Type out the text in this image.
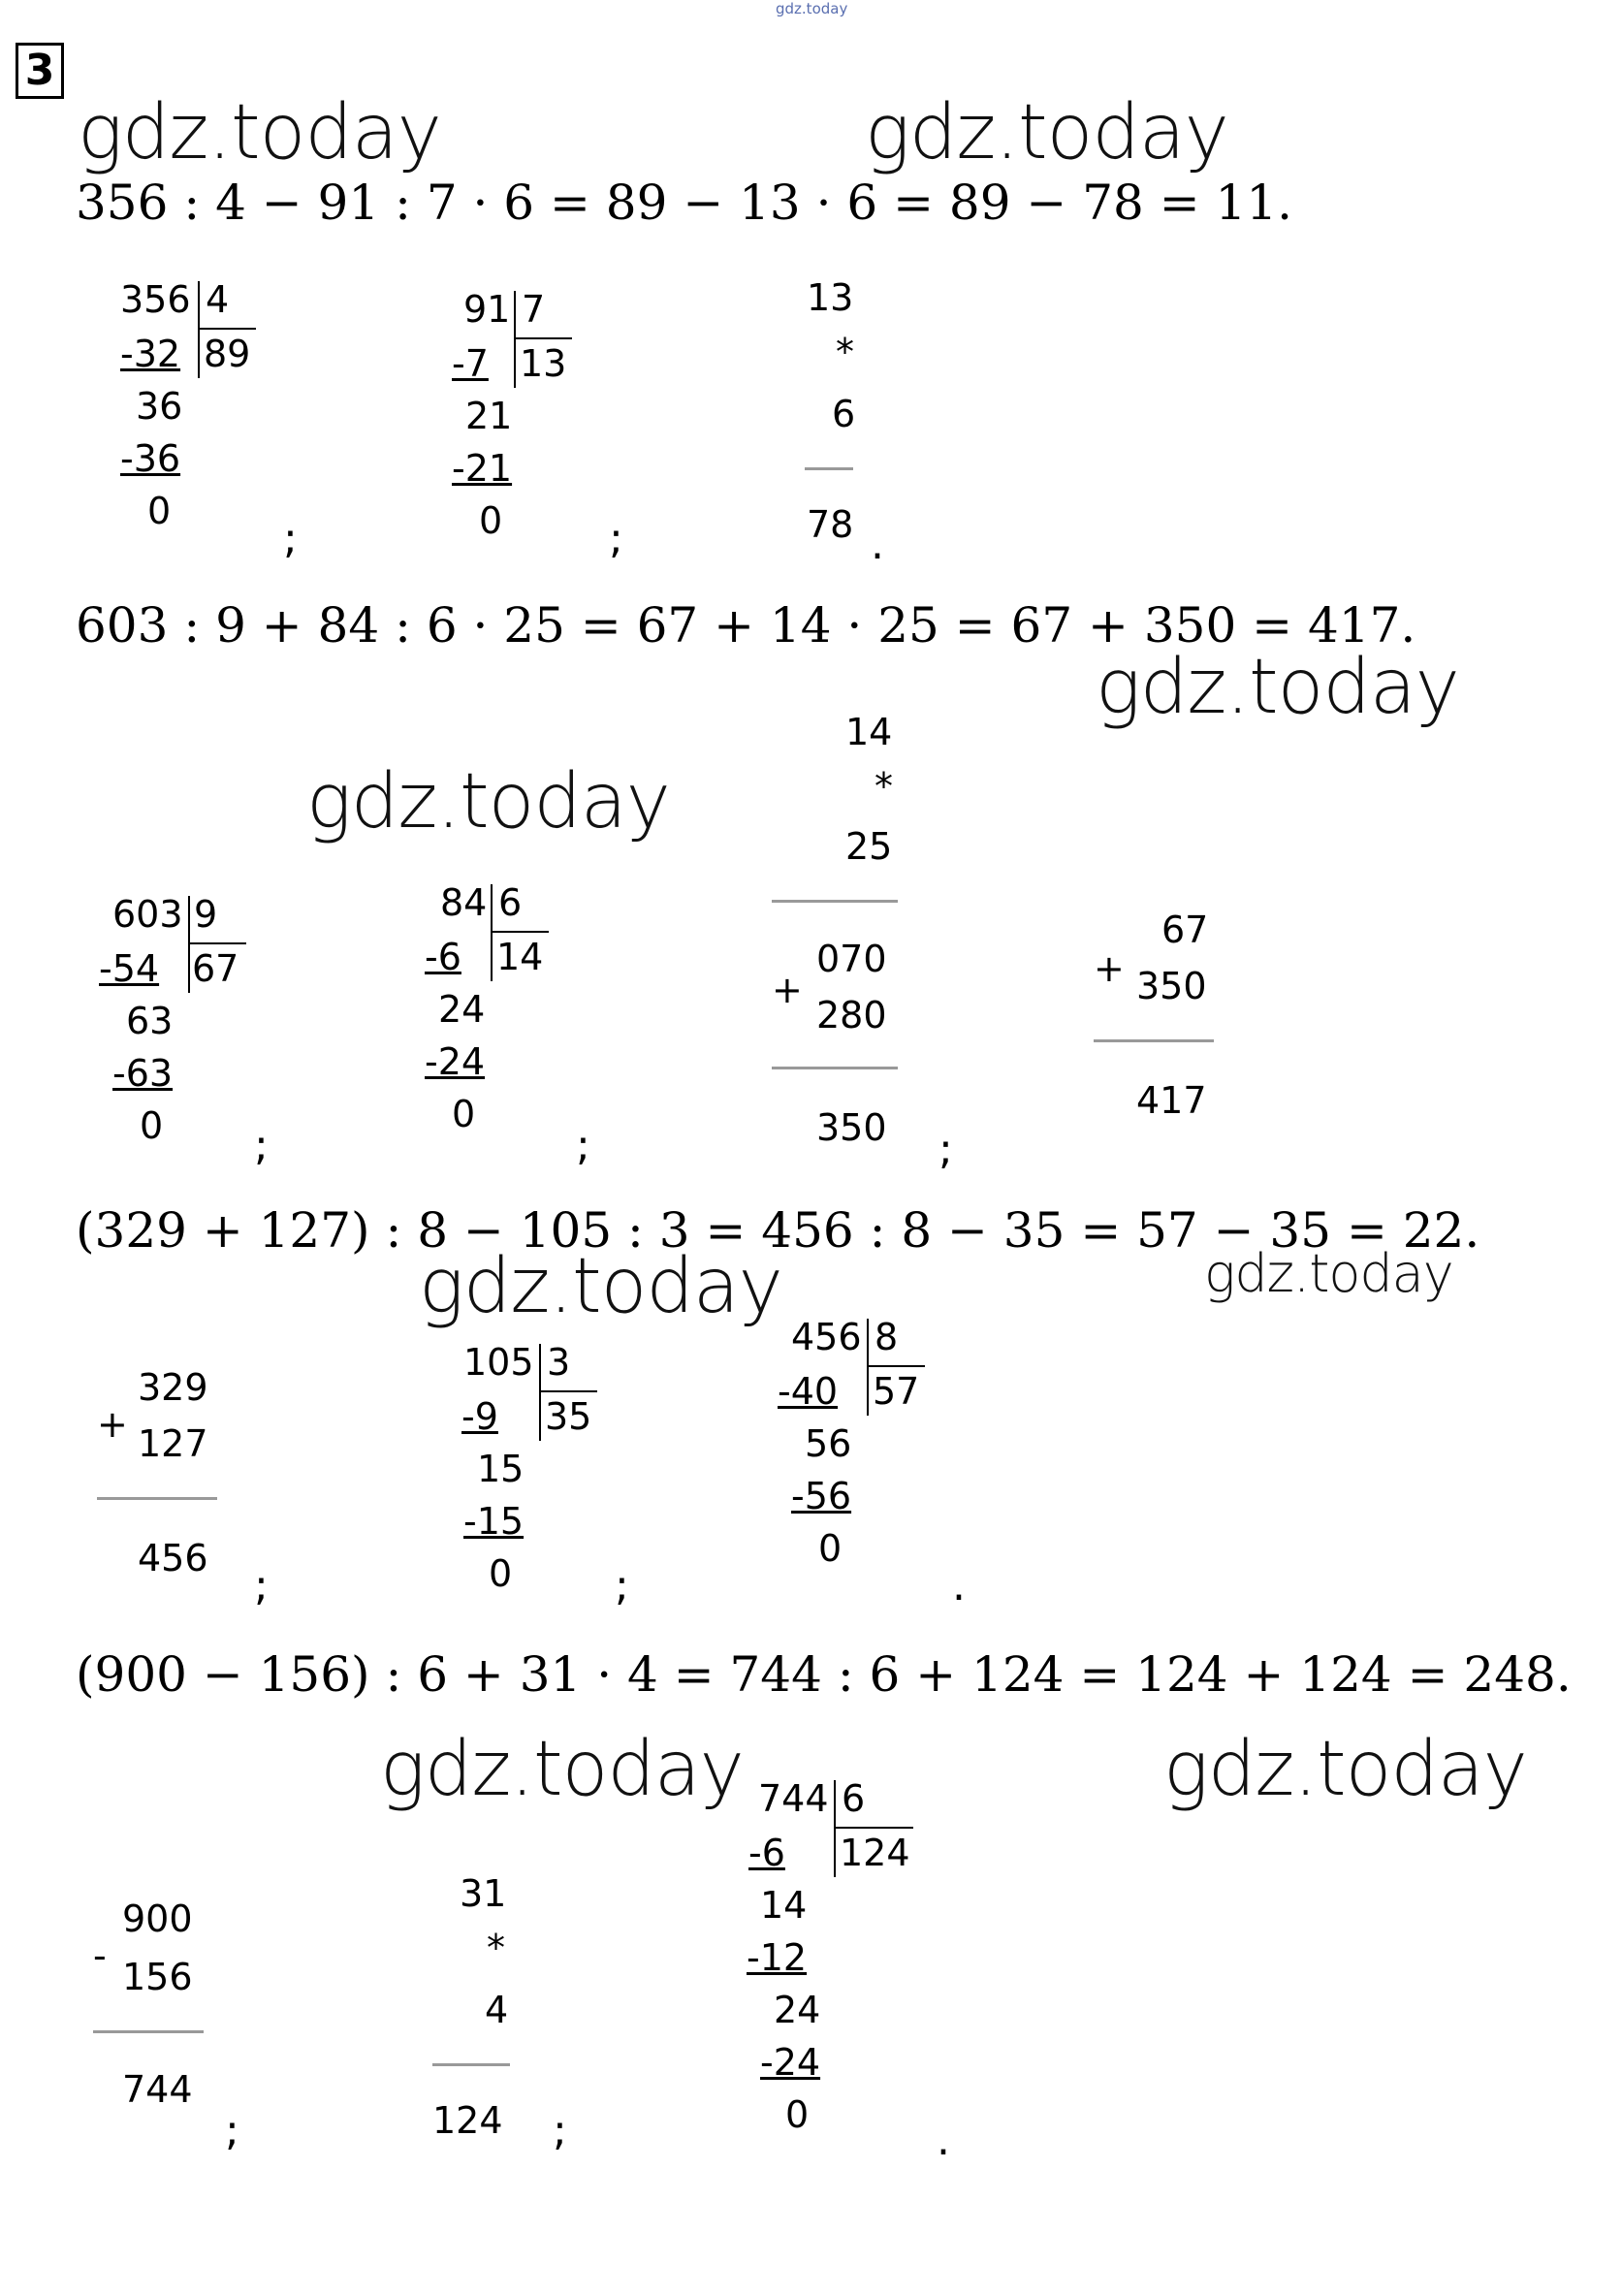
gdz.today
3
gdz.today	gdz.today
gdz.today
gdz.today
gdz.today	gdz.today
gdz.today	gdz.today
356 : 4 − 91 : 7 · 6 = 89 − 13 · 6 = 89 − 78 = 11.
603 : 9 + 84 : 6 · 25 = 67 + 14 · 25 = 67 + 350 = 417.
(329 + 127) : 8 − 105 : 3 = 456 : 8 − 35 = 57 − 35 = 22.
(900 − 156) : 6 + 31 · 4 = 744 : 6 + 124 = 124 + 124 = 248.
356 4
89
-32
36
-36
0
;
91 7
13
-7
21
-21
0 ;
13
*
6
78 .
603 9
67
-54
63
-63
0 ;
84 6
14
-6
24
-24
0
;
14
*
25
070
+
280
350 ;
+
67
350
417
+
329
127
456
;
105 3
35
-9
15
-15
0 ;
456 8
57
-40
56
-56
0
.
-
900
156
744
;
31
*
4
124 ;
744 6
124
-6
14
-12
24
-24
0
.
